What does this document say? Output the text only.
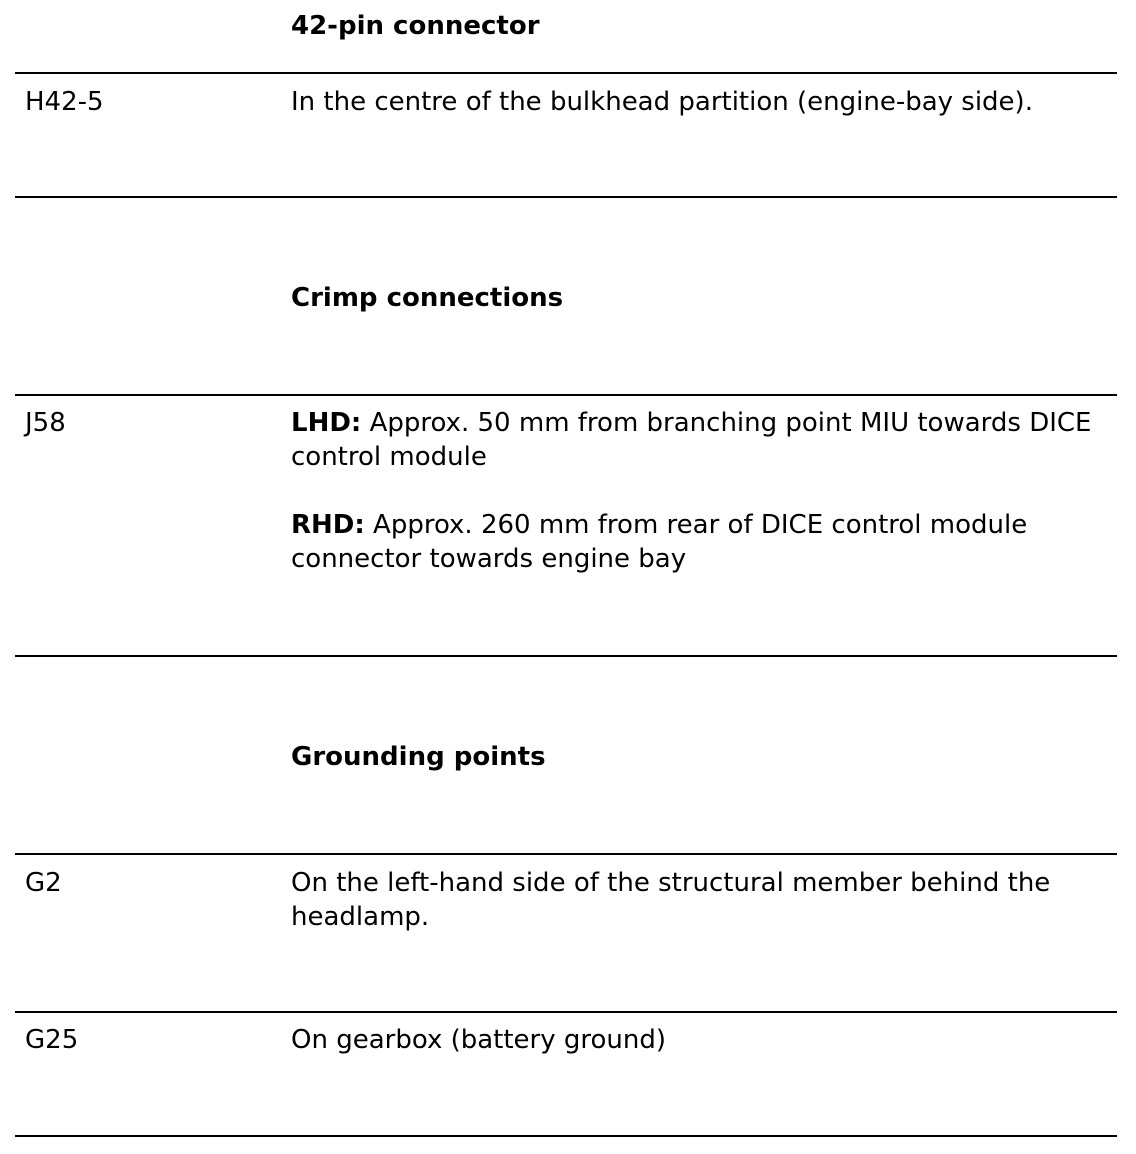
42-pin connector
H42-5	In the centre of the bulkhead partition (engine-bay side).

Crimp connections
J58	LHD: Approx. 50 mm from branching point MIU towards DICE control module

RHD: Approx. 260 mm from rear of DICE control module connector towards engine bay

Grounding points
G2	On the left-hand side of the structural member behind the headlamp.

G25	On gearbox (battery ground)
